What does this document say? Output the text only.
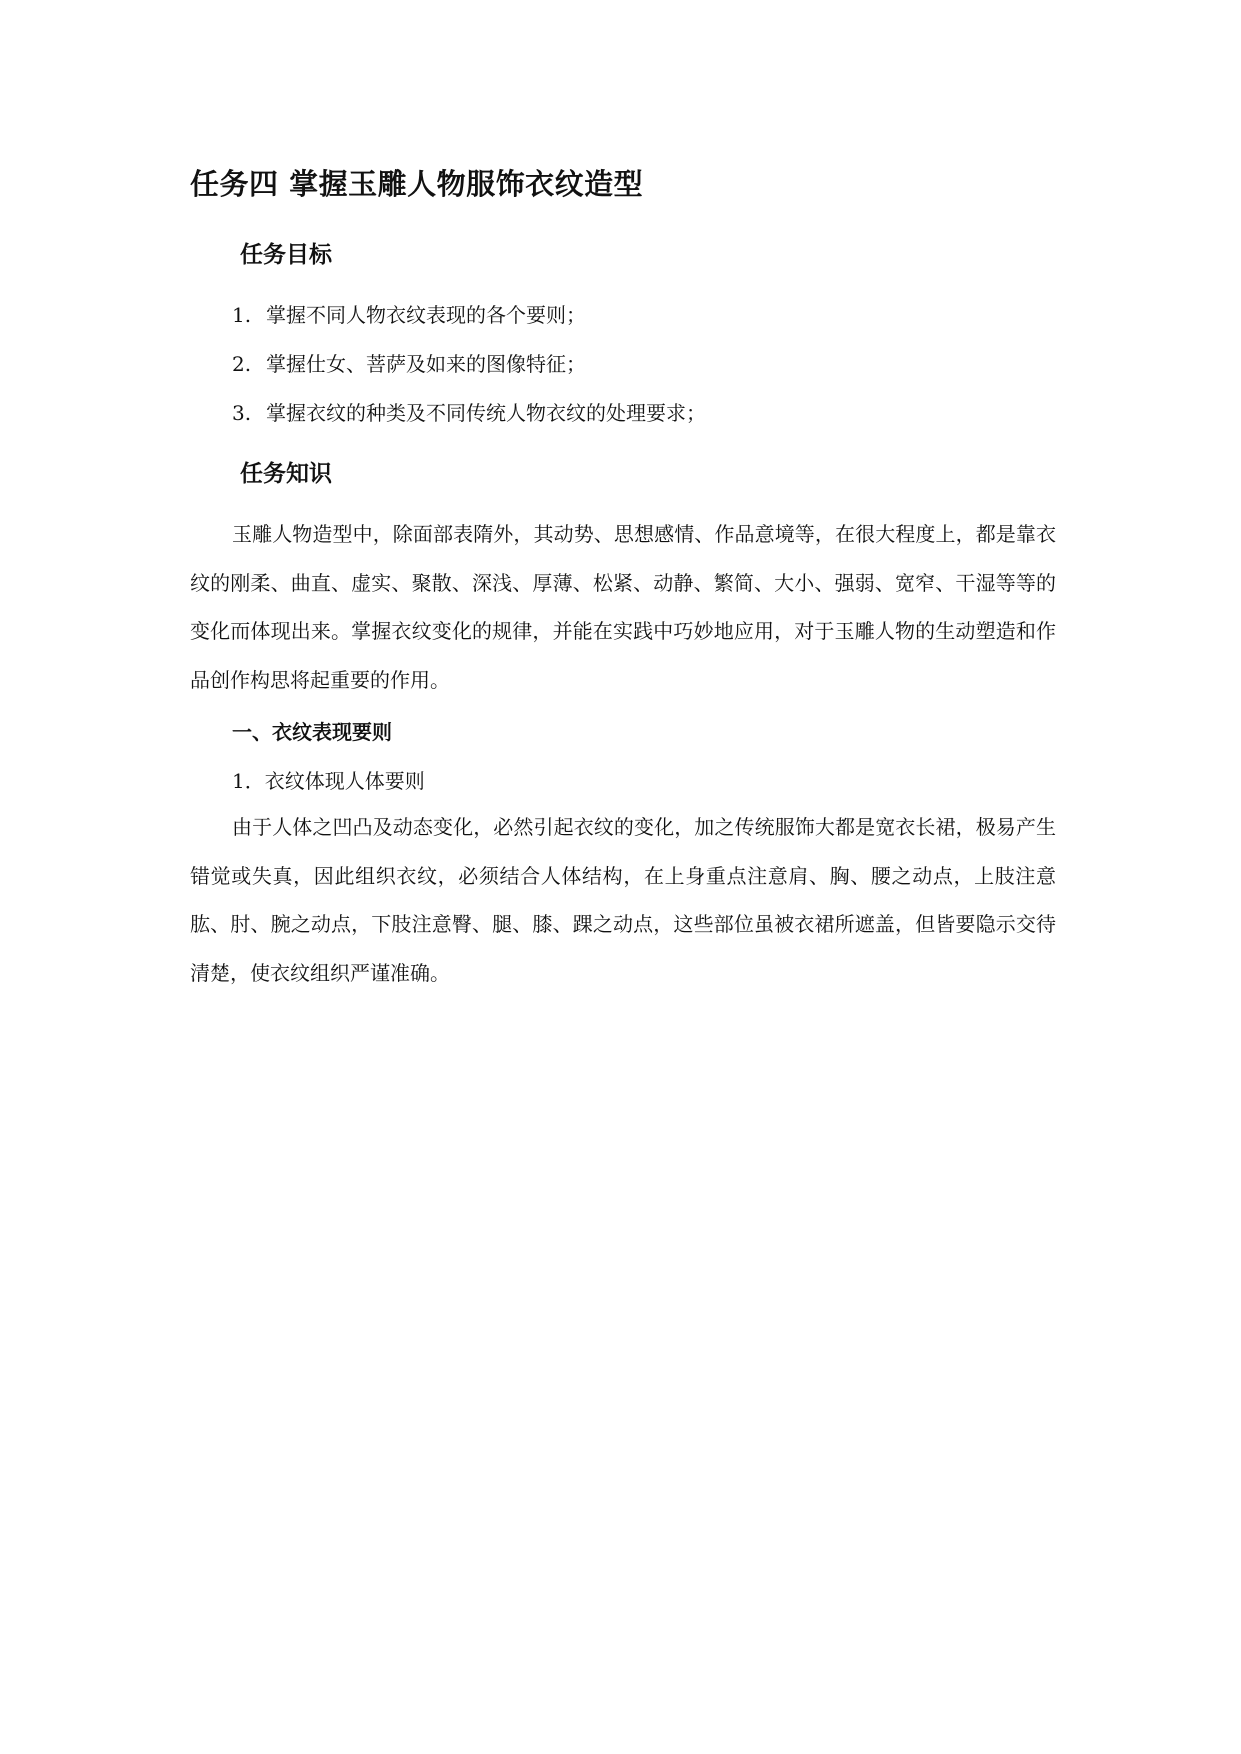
任务四 掌握玉雕人物服饰衣纹造型
任务目标

1. 掌握不同人物衣纹表现的各个要则；

2. 掌握仕女、菩萨及如来的图像特征；

3. 掌握衣纹的种类及不同传统人物衣纹的处理要求；

任务知识

玉雕人物造型中，除面部表隋外，其动势、思想感情、作品意境等，在很大程度上，都是靠衣纹的刚柔、曲直、虚实、聚散、深浅、厚薄、松紧、动静、繁简、大小、强弱、宽窄、干湿等等的变化而体现出来。掌握衣纹变化的规律，并能在实践中巧妙地应用，对于玉雕人物的生动塑造和作品创作构思将起重要的作用。

一、衣纹表现要则

1．衣纹体现人体要则

由于人体之凹凸及动态变化，必然引起衣纹的变化，加之传统服饰大都是宽衣长裙，极易产生错觉或失真，因此组织衣纹，必须结合人体结构，在上身重点注意肩、胸、腰之动点，上肢注意肱、肘、腕之动点，下肢注意臀、腿、膝、踝之动点，这些部位虽被衣裙所遮盖，但皆要隐示交待清楚，使衣纹组织严谨准确。
